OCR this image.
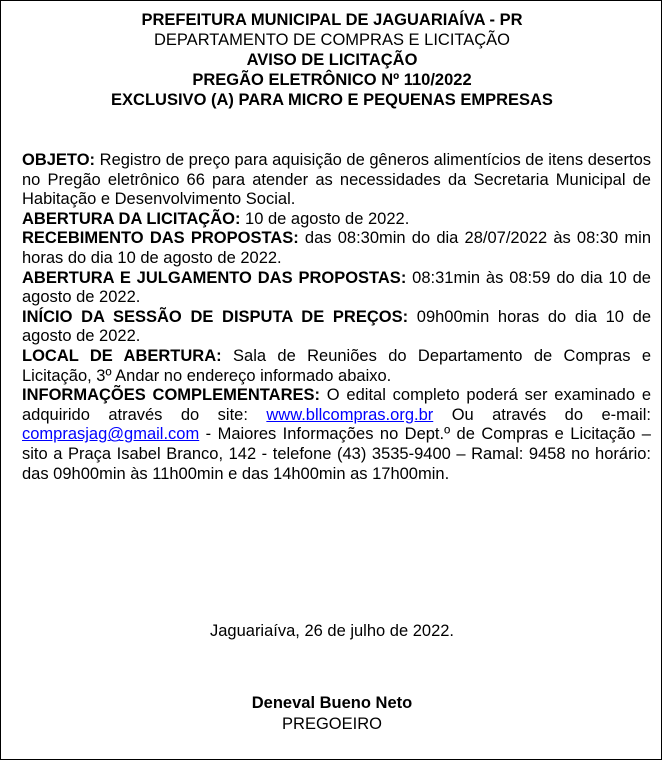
PREFEITURA MUNICIPAL DE JAGUARIAÍVA - PR
DEPARTAMENTO DE COMPRAS E LICITAÇÃO
AVISO DE LICITAÇÃO
PREGÃO ELETRÔNICO Nº 110/2022
EXCLUSIVO (A) PARA MICRO E PEQUENAS EMPRESAS

OBJETO: Registro de preço para aquisição de gêneros alimentícios de itens desertos no Pregão eletrônico 66 para atender as necessidades da Secretaria Municipal de Habitação e Desenvolvimento Social.

ABERTURA DA LICITAÇÃO: 10 de agosto de 2022.

RECEBIMENTO DAS PROPOSTAS: das 08:30min do dia 28/07/2022 às 08:30 min horas do dia 10 de agosto de 2022.

ABERTURA E JULGAMENTO DAS PROPOSTAS: 08:31min às 08:59 do dia 10 de agosto de 2022.

INÍCIO DA SESSÃO DE DISPUTA DE PREÇOS: 09h00min horas do dia 10 de agosto de 2022.

LOCAL DE ABERTURA: Sala de Reuniões do Departamento de Compras e Licitação, 3º Andar no endereço informado abaixo.

INFORMAÇÕES COMPLEMENTARES: O edital completo poderá ser examinado e adquirido através do site: www.bllcompras.org.br Ou através do e-mail: comprasjag@gmail.com - Maiores Informações no Dept.º de Compras e Licitação – sito a Praça Isabel Branco, 142 - telefone (43) 3535-9400 – Ramal: 9458 no horário: das 09h00min às 11h00min e das 14h00min as 17h00min.

Jaguariaíva, 26 de julho de 2022.
Deneval Bueno Neto
PREGOEIRO
